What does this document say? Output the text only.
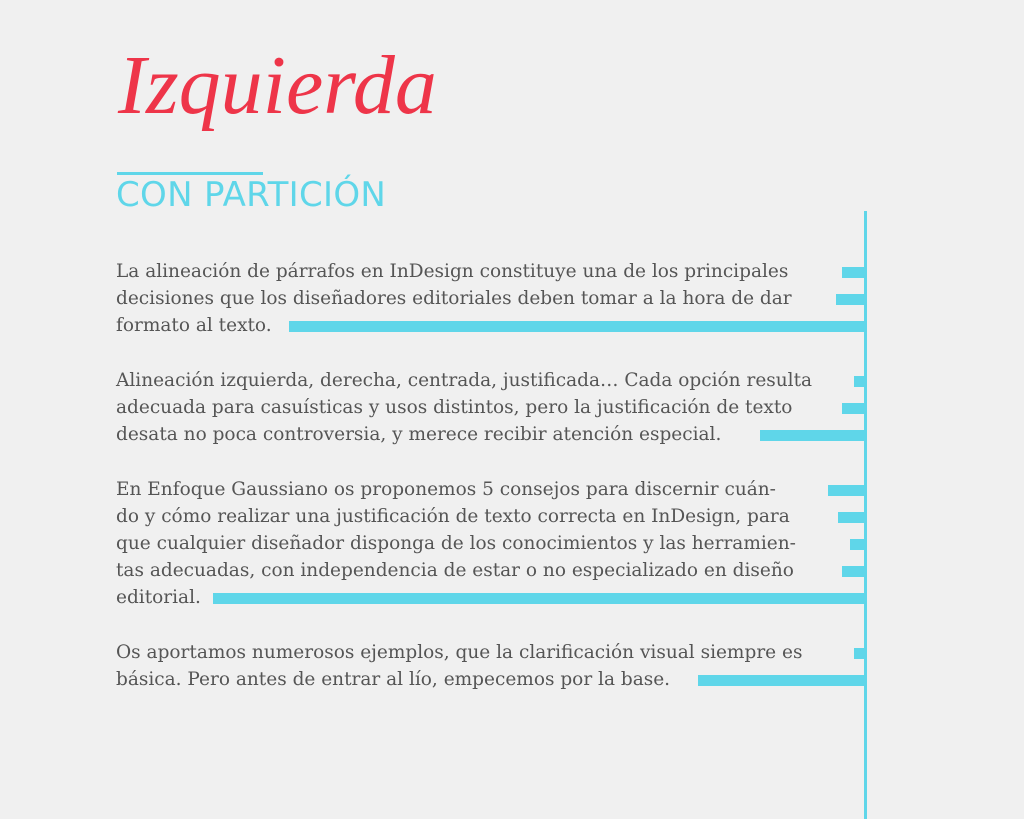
Izquierda
CON PARTICIÓN
La alineación de párrafos en InDesign constituye una de los principales
decisiones que los diseñadores editoriales deben tomar a la hora de dar
formato al texto.
Alineación izquierda, derecha, centrada, justificada… Cada opción resulta
adecuada para casuísticas y usos distintos, pero la justificación de texto
desata no poca controversia, y merece recibir atención especial.
En Enfoque Gaussiano os proponemos 5 consejos para discernir cuán-
do y cómo realizar una justificación de texto correcta en InDesign, para
que cualquier diseñador disponga de los conocimientos y las herramien-
tas adecuadas, con independencia de estar o no especializado en diseño
editorial.
Os aportamos numerosos ejemplos, que la clarificación visual siempre es
básica. Pero antes de entrar al lío, empecemos por la base.
